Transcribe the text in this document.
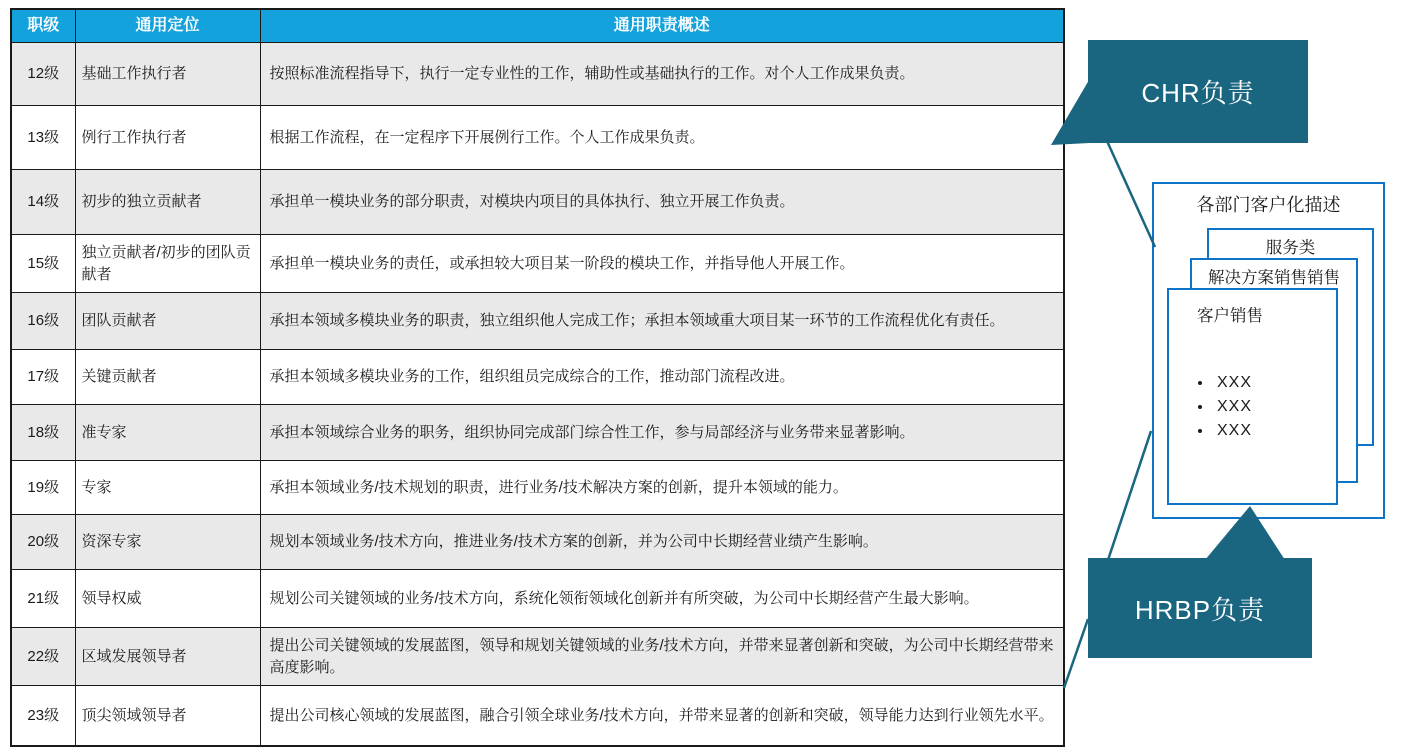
职级	通用定位	通用职责概述
12级	基础工作执行者	按照标准流程指导下，执行一定专业性的工作，辅助性或基础执行的工作。对个人工作成果负责。
13级	例行工作执行者	根据工作流程，在一定程序下开展例行工作。个人工作成果负责。
14级	初步的独立贡献者	承担单一模块业务的部分职责，对模块内项目的具体执行、独立开展工作负责。
15级	独立贡献者/初步的团队贡献者	承担单一模块业务的责任，或承担较大项目某一阶段的模块工作，并指导他人开展工作。
16级	团队贡献者	承担本领域多模块业务的职责，独立组织他人完成工作；承担本领域重大项目某一环节的工作流程优化有责任。
17级	关键贡献者	承担本领域多模块业务的工作，组织组员完成综合的工作，推动部门流程改进。
18级	准专家	承担本领域综合业务的职务，组织协同完成部门综合性工作，参与局部经济与业务带来显著影响。
19级	专家	承担本领域业务/技术规划的职责，进行业务/技术解决方案的创新，提升本领域的能力。
20级	资深专家	规划本领域业务/技术方向，推进业务/技术方案的创新，并为公司中长期经营业绩产生影响。
21级	领导权威	规划公司关键领域的业务/技术方向，系统化领衔领域化创新并有所突破，为公司中长期经营产生最大影响。
22级	区域发展领导者	提出公司关键领域的发展蓝图，领导和规划关键领域的业务/技术方向，并带来显著创新和突破，为公司中长期经营带来高度影响。
23级	顶尖领域领导者	提出公司核心领域的发展蓝图，融合引领全球业务/技术方向，并带来显著的创新和突破，领导能力达到行业领先水平。
各部门客户化描述
服务类
解决方案销售销售
客户销售
• XXX
• XXX
• XXX
CHR负责
HRBP负责
